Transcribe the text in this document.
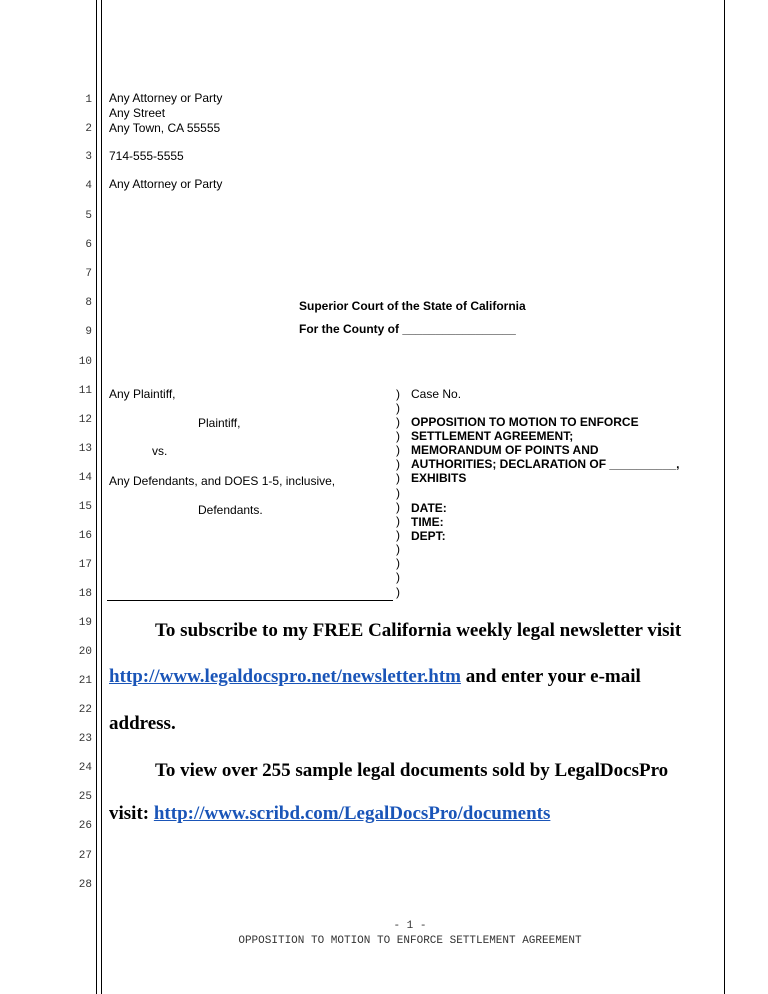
1
2
3
4
5
6
7
8
9
10
11
12
13
14
15
16
17
18
19
20
21
22
23
24
25
26
27
28
Any Attorney or Party
Any Street
Any Town, CA 55555
714-555-5555
Any Attorney or Party
Superior Court of the State of California
For the County of _________________
Any Plaintiff,
Plaintiff,
vs.
Any Defendants, and DOES 1-5, inclusive,
Defendants.
)
)
)
)
)
)
)
)
)
)
)
)
)
)
)
Case No.
OPPOSITION TO MOTION TO ENFORCE
SETTLEMENT AGREEMENT;
MEMORANDUM OF POINTS AND
AUTHORITIES; DECLARATION OF __________,
EXHIBITS
DATE:
TIME:
DEPT:
To subscribe to my FREE California weekly legal newsletter visit
http://www.legaldocspro.net/newsletter.htm and enter your e-mail
address.
To view over 255 sample legal documents sold by LegalDocsPro
visit: http://www.scribd.com/LegalDocsPro/documents
- 1 -
OPPOSITION TO MOTION TO ENFORCE SETTLEMENT AGREEMENT
